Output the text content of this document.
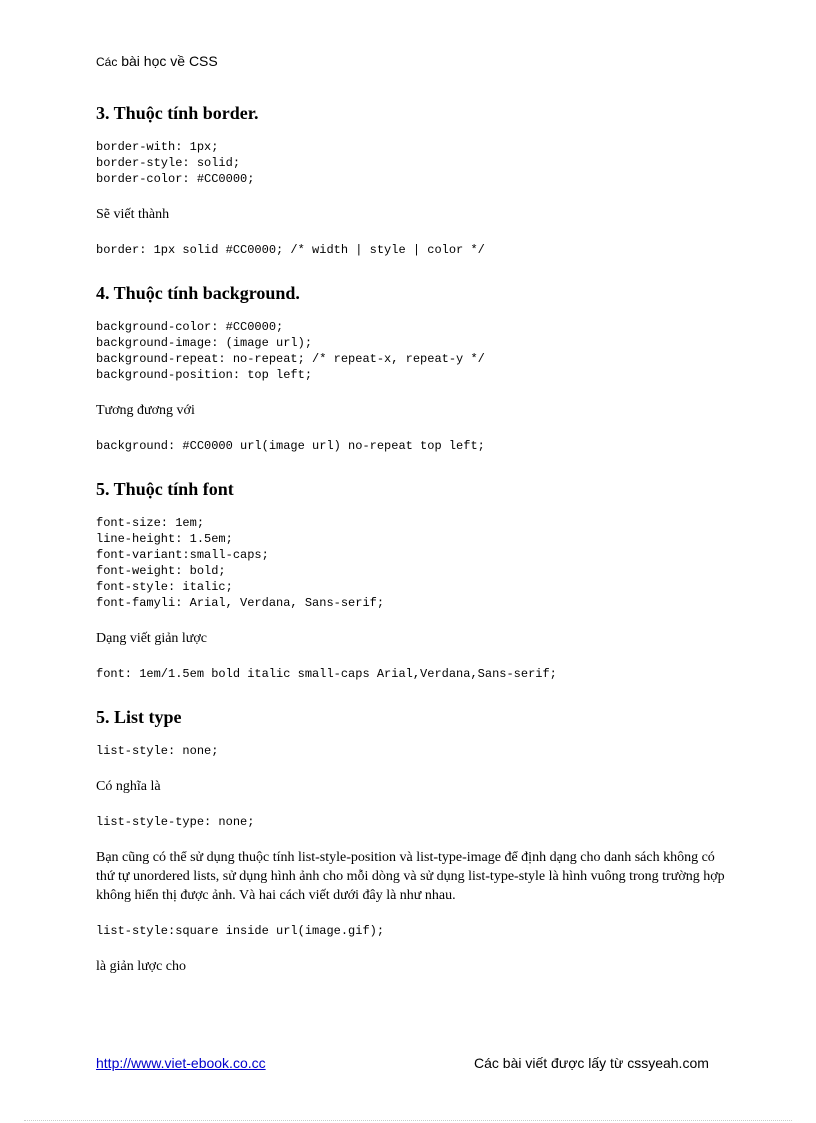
Các bài học về CSS
3. Thuộc tính border.
border-with: 1px;
border-style: solid;
border-color: #CC0000;

Sẽ viết thành

border: 1px solid #CC0000; /* width | style | color */
4. Thuộc tính background.
background-color: #CC0000;
background-image: (image url);
background-repeat: no-repeat; /* repeat-x, repeat-y */
background-position: top left;

Tương đương với

background: #CC0000 url(image url) no-repeat top left;
5. Thuộc tính font
font-size: 1em;
line-height: 1.5em;
font-variant:small-caps;
font-weight: bold;
font-style: italic;
font-famyli: Arial, Verdana, Sans-serif;

Dạng viết giản lược

font: 1em/1.5em bold italic small-caps Arial,Verdana,Sans-serif;
5. List type
list-style: none;

Có nghĩa là

list-style-type: none;

Bạn cũng có thể sử dụng thuộc tính list-style-position và list-type-image để định dạng cho danh sách không có thứ tự unordered lists, sử dụng hình ảnh cho mỗi dòng và sử dụng list-type-style là hình vuông trong trường hợp không hiển thị được ảnh. Và hai cách viết dưới đây là như nhau.

list-style:square inside url(image.gif);

là giản lược cho

http://www.viet-ebook.co.cc	Các bài viết được lấy từ cssyeah.com
